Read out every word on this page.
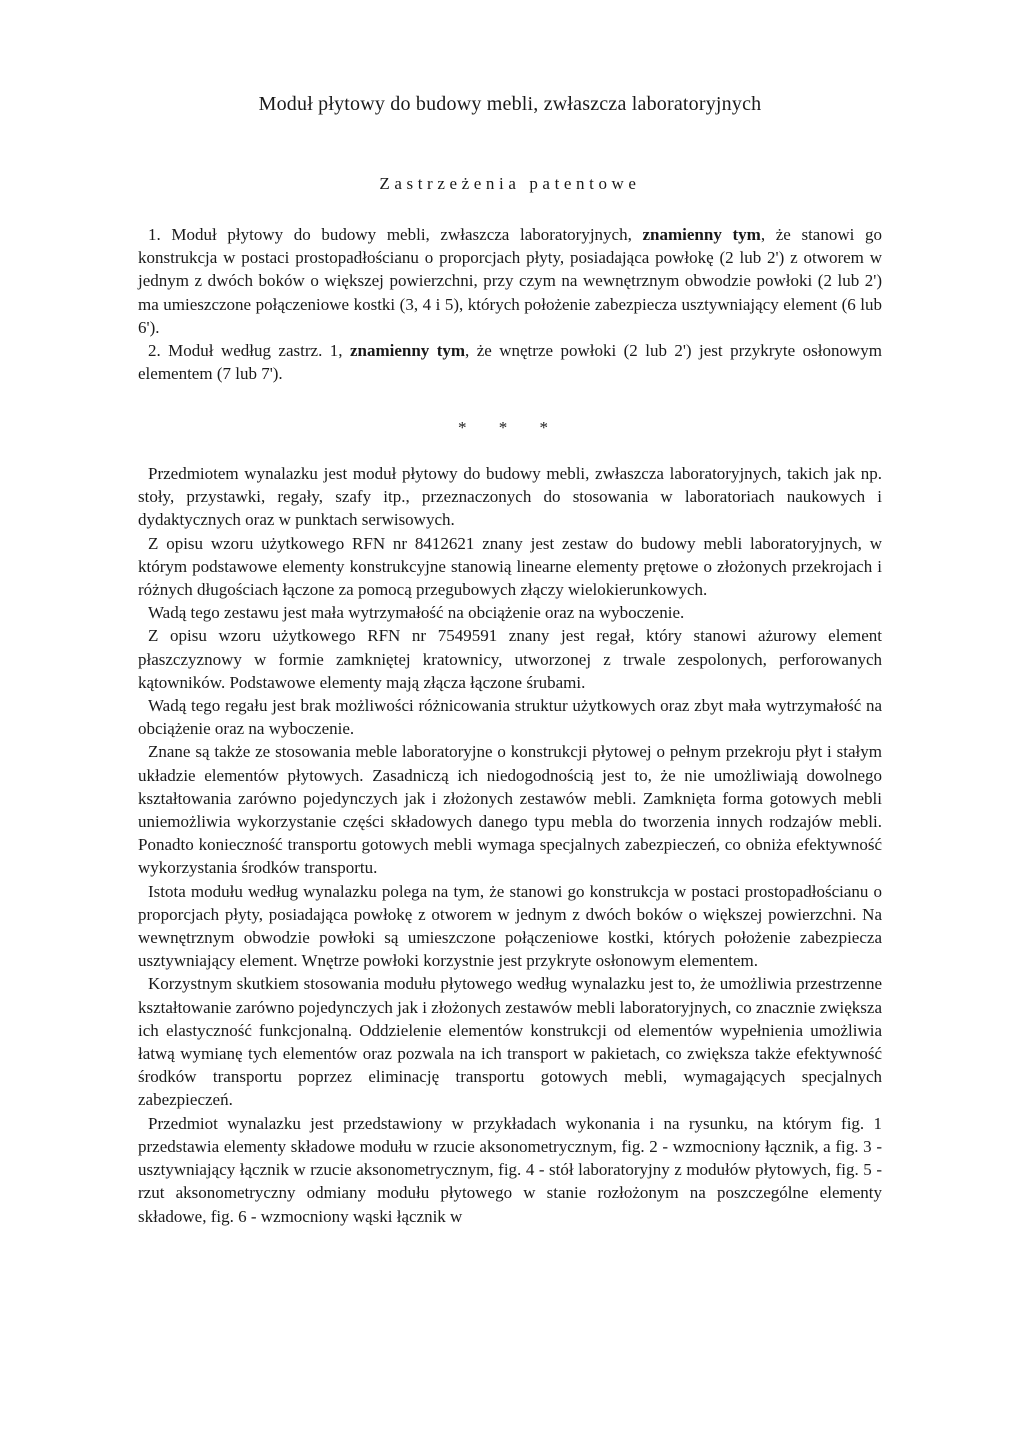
Moduł płytowy do budowy mebli, zwłaszcza laboratoryjnych
Zastrzeżenia patentowe

1. Moduł płytowy do budowy mebli, zwłaszcza laboratoryjnych, znamienny tym, że stanowi go konstrukcja w postaci prostopadłościanu o proporcjach płyty, posiadająca powłokę (2 lub 2') z otworem w jednym z dwóch boków o większej powierzchni, przy czym na wewnętrznym obwodzie powłoki (2 lub 2') ma umieszczone połączeniowe kostki (3, 4 i 5), których położenie zabezpiecza usztywniający element (6 lub 6').

2. Moduł według zastrz. 1, znamienny tym, że wnętrze powłoki (2 lub 2') jest przykryte osłonowym elementem (7 lub 7').

* * *

Przedmiotem wynalazku jest moduł płytowy do budowy mebli, zwłaszcza laboratoryjnych, takich jak np. stoły, przystawki, regały, szafy itp., przeznaczonych do stosowania w laboratoriach naukowych i dydaktycznych oraz w punktach serwisowych.

Z opisu wzoru użytkowego RFN nr 8412621 znany jest zestaw do budowy mebli laboratoryjnych, w którym podstawowe elementy konstrukcyjne stanowią linearne elementy prętowe o złożonych przekrojach i różnych długościach łączone za pomocą przegubowych złączy wielokierunkowych.

Wadą tego zestawu jest mała wytrzymałość na obciążenie oraz na wyboczenie.

Z opisu wzoru użytkowego RFN nr 7549591 znany jest regał, który stanowi ażurowy element płaszczyznowy w formie zamkniętej kratownicy, utworzonej z trwale zespolonych, perforowanych kątowników. Podstawowe elementy mają złącza łączone śrubami.

Wadą tego regału jest brak możliwości różnicowania struktur użytkowych oraz zbyt mała wytrzymałość na obciążenie oraz na wyboczenie.

Znane są także ze stosowania meble laboratoryjne o konstrukcji płytowej o pełnym przekroju płyt i stałym układzie elementów płytowych. Zasadniczą ich niedogodnością jest to, że nie umożliwiają dowolnego kształtowania zarówno pojedynczych jak i złożonych zestawów mebli. Zamknięta forma gotowych mebli uniemożliwia wykorzystanie części składowych danego typu mebla do tworzenia innych rodzajów mebli. Ponadto konieczność transportu gotowych mebli wymaga specjalnych zabezpieczeń, co obniża efektywność wykorzystania środków transportu.

Istota modułu według wynalazku polega na tym, że stanowi go konstrukcja w postaci prostopadłościanu o proporcjach płyty, posiadająca powłokę z otworem w jednym z dwóch boków o większej powierzchni. Na wewnętrznym obwodzie powłoki są umieszczone połączeniowe kostki, których położenie zabezpiecza usztywniający element. Wnętrze powłoki korzystnie jest przykryte osłonowym elementem.

Korzystnym skutkiem stosowania modułu płytowego według wynalazku jest to, że umożliwia przestrzenne kształtowanie zarówno pojedynczych jak i złożonych zestawów mebli laboratoryjnych, co znacznie zwiększa ich elastyczność funkcjonalną. Oddzielenie elementów konstrukcji od elementów wypełnienia umożliwia łatwą wymianę tych elementów oraz pozwala na ich transport w pakietach, co zwiększa także efektywność środków transportu poprzez eliminację transportu gotowych mebli, wymagających specjalnych zabezpieczeń.

Przedmiot wynalazku jest przedstawiony w przykładach wykonania i na rysunku, na którym fig. 1 przedstawia elementy składowe modułu w rzucie aksonometrycznym, fig. 2 - wzmocniony łącznik, a fig. 3 - usztywniający łącznik w rzucie aksonometrycznym, fig. 4 - stół laboratoryjny z modułów płytowych, fig. 5 - rzut aksonometryczny odmiany modułu płytowego w stanie rozłożonym na poszczególne elementy składowe, fig. 6 - wzmocniony wąski łącznik w
